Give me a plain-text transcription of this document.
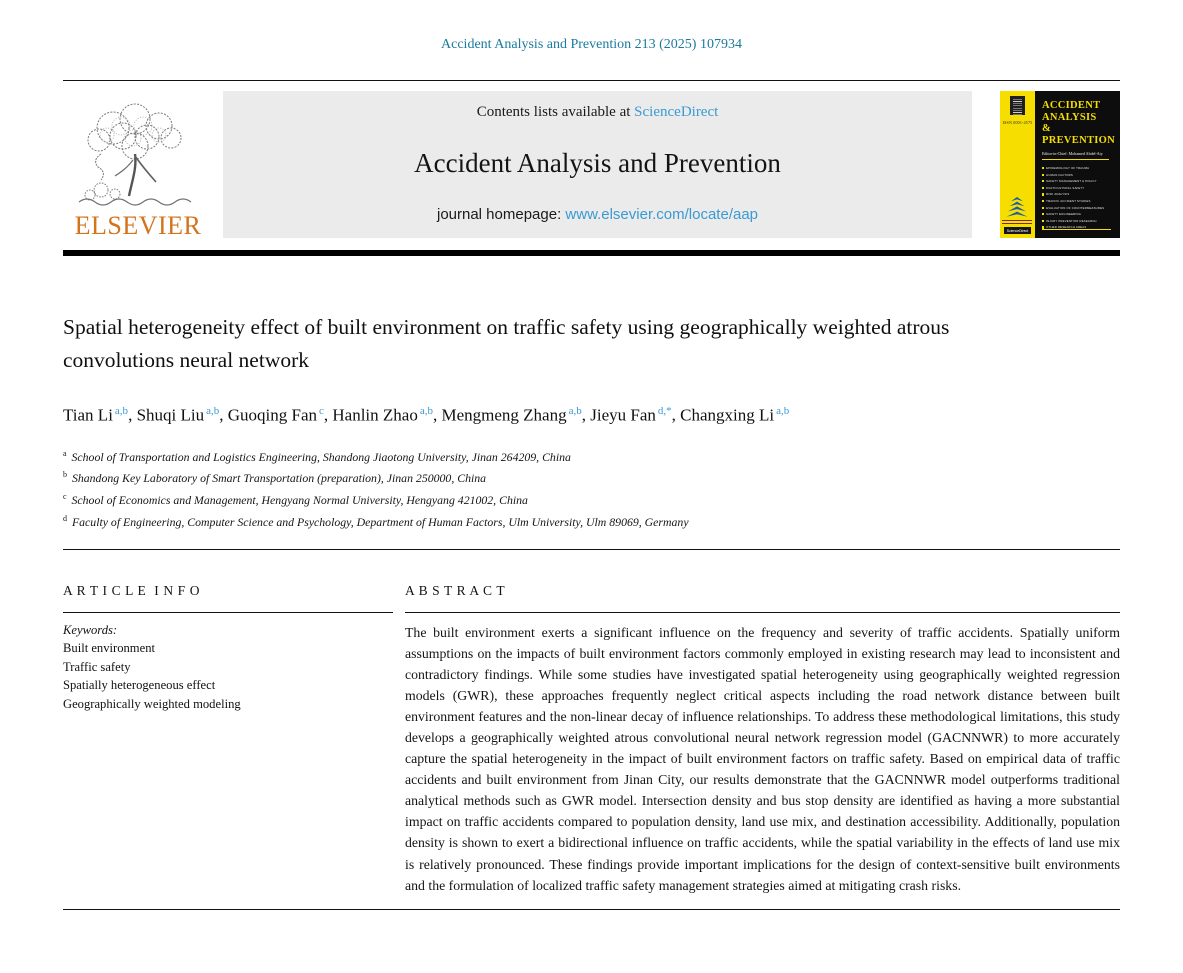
Accident Analysis and Prevention 213 (2025) 107934
ELSEVIER
Contents lists available at ScienceDirect
Accident Analysis and Prevention
journal homepage: www.elsevier.com/locate/aap
ISSN 0001-4575
ScienceDirect
ACCIDENT
ANALYSIS
&
PREVENTION
Editor-in-Chief: Mohamed Abdel-Aty
EPIDEMIOLOGY OF TRAUMA
HUMAN FACTORS
SAFETY MANAGEMENT & POLICY
MULTICULTURAL SAFETY
RISK ANALYSIS
TRAFFIC ACCIDENT STUDIES
EVALUATION OF COUNTERMEASURES
SAFETY ENGINEERING
INJURY PREVENTION RESEARCH
OTHER RESEARCH AREAS
Spatial heterogeneity effect of built environment on traffic safety using geographically weighted atrous convolutions neural network
Tian Li $^{a,b}$, Shuqi Liu $^{a,b}$, Guoqing Fan $^c$, Hanlin Zhao $^{a,b}$, Mengmeng Zhang $^{a,b}$, Jieyu Fan $^{d,*}$, Changxing Li $^{a,b}$
$^a$ School of Transportation and Logistics Engineering, Shandong Jiaotong University, Jinan 264209, China
$^b$ Shandong Key Laboratory of Smart Transportation (preparation), Jinan 250000, China
$^c$ School of Economics and Management, Hengyang Normal University, Hengyang 421002, China
$^d$ Faculty of Engineering, Computer Science and Psychology, Department of Human Factors, Ulm University, Ulm 89069, Germany
A R T I C L E  I N F O
Keywords:
Built environment
Traffic safety
Spatially heterogeneous effect
Geographically weighted modeling
A B S T R A C T
The built environment exerts a significant influence on the frequency and severity of traffic accidents. Spatially uniform assumptions on the impacts of built environment factors commonly employed in existing research may lead to inconsistent and contradictory findings. While some studies have investigated spatial heterogeneity using geographically weighted regression models (GWR), these approaches frequently neglect critical aspects including the road network distance between built environment features and the non-linear decay of influence relationships. To address these methodological limitations, this study develops a geographically weighted atrous convolutional neural network regression model (GACNNWR) to more accurately capture the spatial heterogeneity in the impact of built environment factors on traffic safety. Based on empirical data of traffic accidents and built environment from Jinan City, our results demonstrate that the GACNNWR model outperforms traditional analytical methods such as GWR model. Intersection density and bus stop density are identified as having a more substantial impact on traffic accidents compared to population density, land use mix, and destination accessibility. Additionally, population density is shown to exert a bidirectional influence on traffic accidents, while the spatial variability in the effects of land use mix is relatively pronounced. These findings provide important implications for the design of context-sensitive built environments and the formulation of localized traffic safety management strategies aimed at mitigating crash risks.
